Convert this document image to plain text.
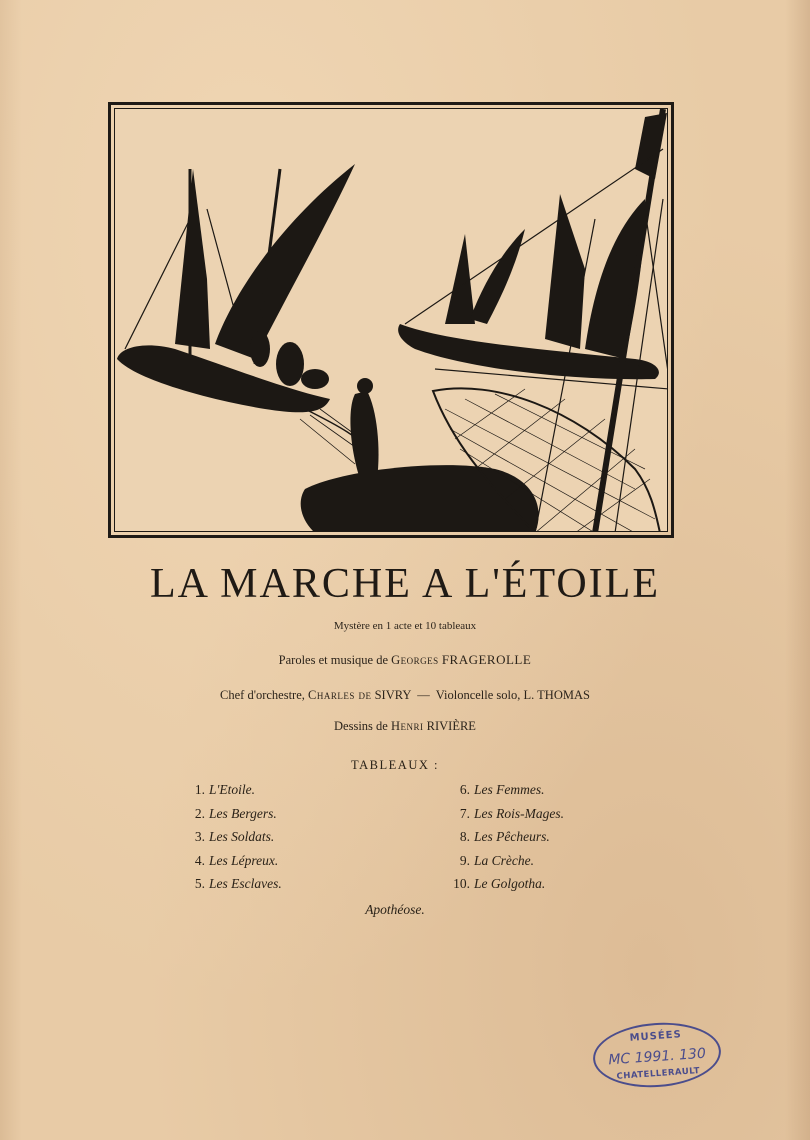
LA MARCHE A L'ÉTOILE
Mystère en 1 acte et 10 tableaux
Paroles et musique de Georges FRAGEROLLE
Chef d'orchestre, Charles de SIVRY — Violoncelle solo, L. THOMAS
Dessins de Henri RIVIÈRE
TABLEAUX :
1. L'Etoile.
2. Les Bergers.
3. Les Soldats.
4. Les Lépreux.
5. Les Esclaves.
6. Les Femmes.
7. Les Rois-Mages.
8. Les Pêcheurs.
9. La Crèche.
10. Le Golgotha.
Apothéose.
MUSÉES
MC 1991. 130
CHATELLERAULT
